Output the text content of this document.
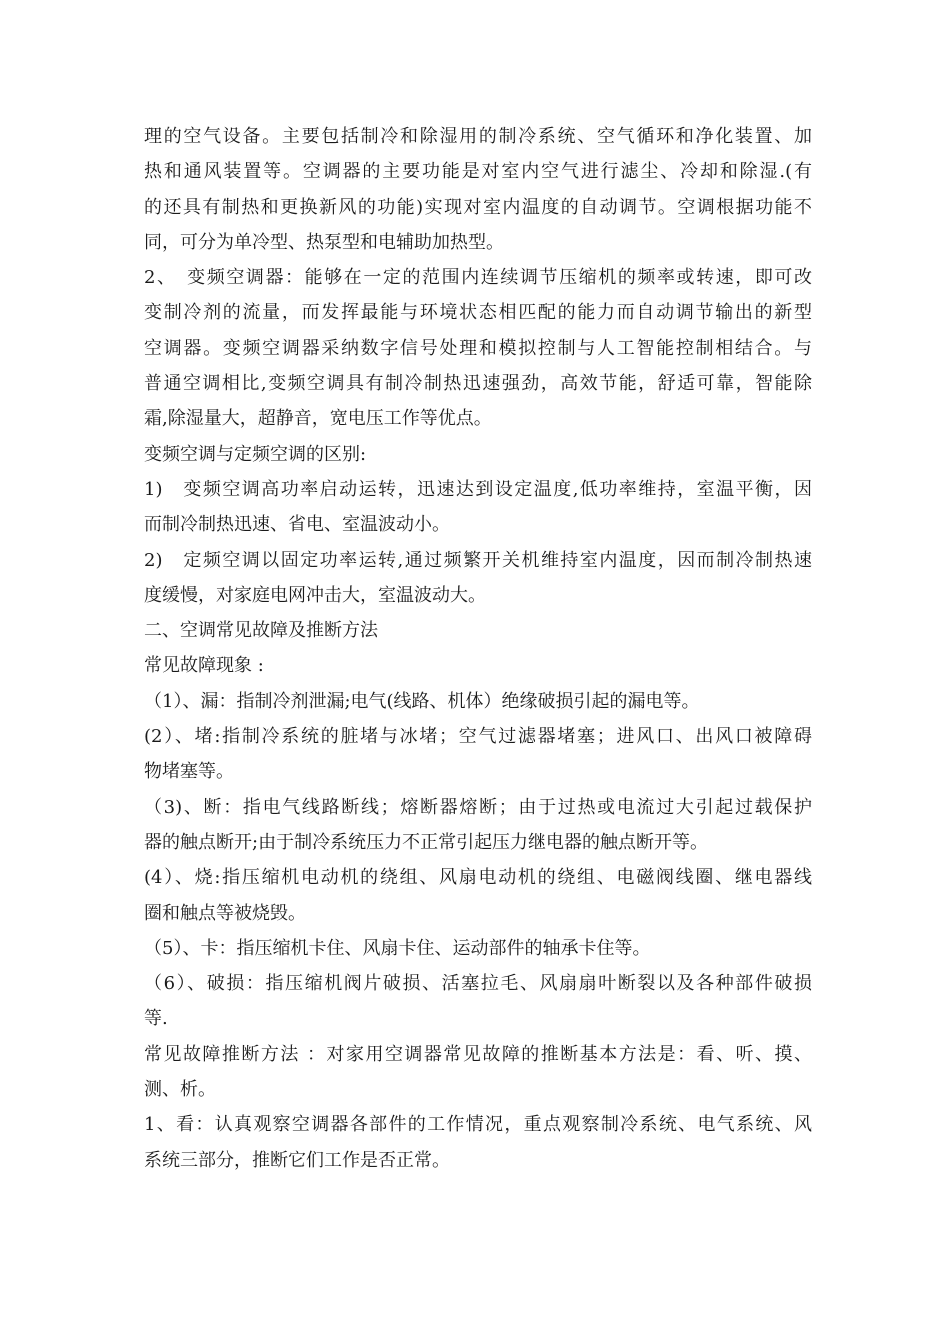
理的空气设备。主要包括制冷和除湿用的制冷系统、空气循环和净化装置、加
热和通风装置等。空调器的主要功能是对室内空气进行滤尘、冷却和除湿.(有
的还具有制热和更换新风的功能)实现对室内温度的自动调节。空调根据功能不
同，可分为单冷型、热泵型和电辅助加热型。
2、　变频空调器：能够在一定的范围内连续调节压缩机的频率或转速，即可改
变制冷剂的流量，而发挥最能与环境状态相匹配的能力而自动调节输出的新型
空调器。变频空调器采纳数字信号处理和模拟控制与人工智能控制相结合。与
普通空调相比,变频空调具有制冷制热迅速强劲，高效节能，舒适可靠，智能除
霜,除湿量大，超静音，宽电压工作等优点。
变频空调与定频空调的区别:
1)　变频空调高功率启动运转，迅速达到设定温度,低功率维持，室温平衡，因
而制冷制热迅速、省电、室温波动小。
2)　定频空调以固定功率运转,通过频繁开关机维持室内温度，因而制冷制热速
度缓慢，对家庭电网冲击大，室温波动大。
二、空调常见故障及推断方法
常见故障现象 :
（1）、漏：指制冷剂泄漏;电气(线路、机体）绝缘破损引起的漏电等。
(2）、堵:指制冷系统的脏堵与冰堵；空气过滤器堵塞；进风口、出风口被障碍
物堵塞等。
（3)、断：指电气线路断线；熔断器熔断；由于过热或电流过大引起过载保护
器的触点断开;由于制冷系统压力不正常引起压力继电器的触点断开等。
(4）、烧:指压缩机电动机的绕组、风扇电动机的绕组、电磁阀线圈、继电器线
圈和触点等被烧毁。
（5）、卡：指压缩机卡住、风扇卡住、运动部件的轴承卡住等。
（6）、破损：指压缩机阀片破损、活塞拉毛、风扇扇叶断裂以及各种部件破损
等.
常见故障推断方法 ：对家用空调器常见故障的推断基本方法是：看、听、摸、
测、析。
1、看：认真观察空调器各部件的工作情况，重点观察制冷系统、电气系统、风
系统三部分，推断它们工作是否正常。
